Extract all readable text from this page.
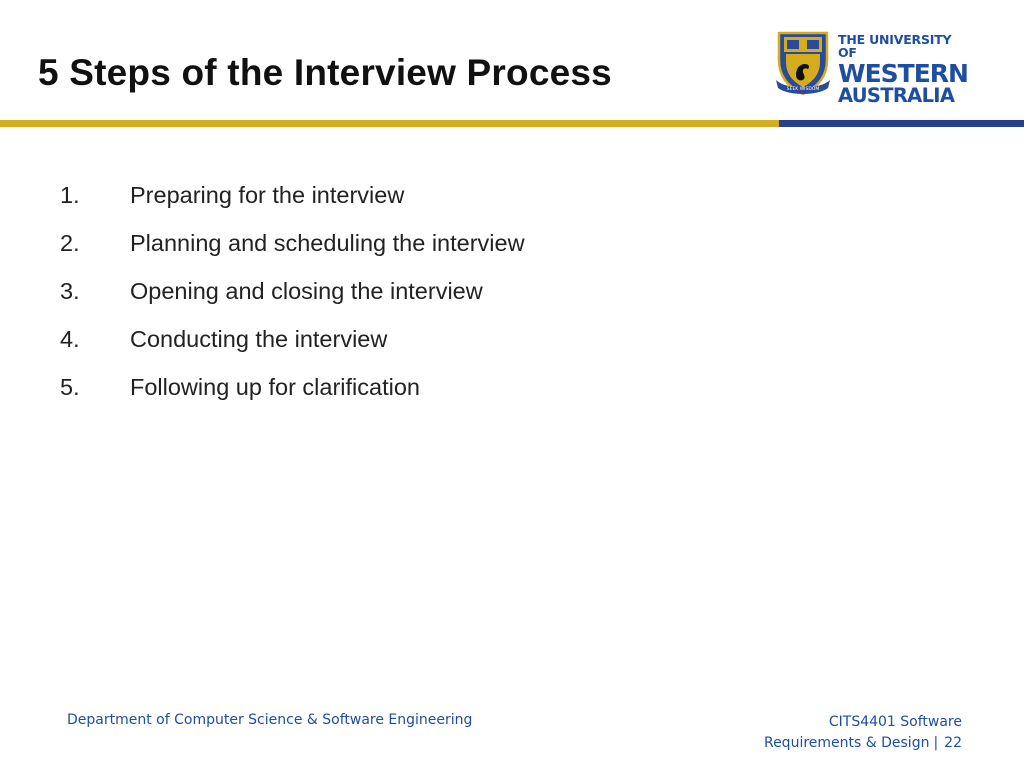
5 Steps of the Interview Process	SEEK WISDOM
THE UNIVERSITY OF
WESTERN
AUSTRALIA
1.	Preparing for the interview
2.	Planning and scheduling the interview
3.	Opening and closing the interview
4.	Conducting the interview
5.	Following up for clarification
Department of Computer Science & Software Engineering	CITS4401 Software
Requirements & Design | 22
